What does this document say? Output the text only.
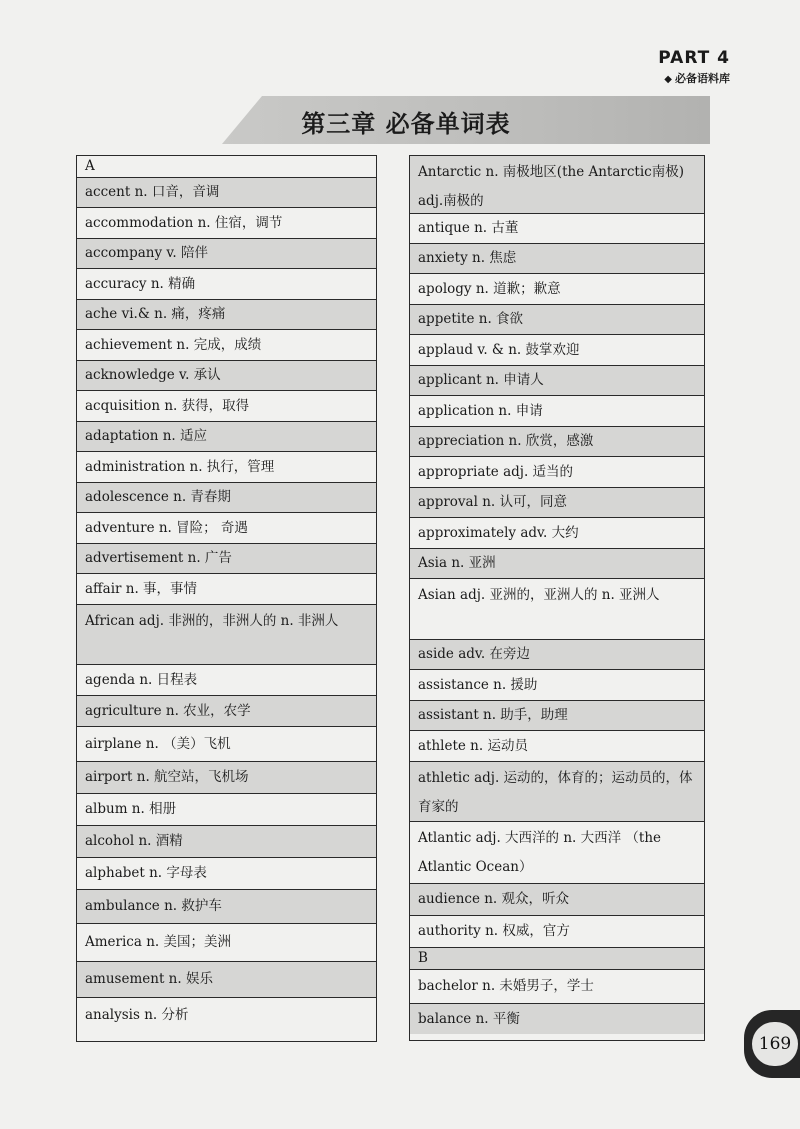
PART 4
◆ 必备语料库
第三章 必备单词表
A
accent n. 口音，音调
accommodation n. 住宿，调节
accompany v. 陪伴
accuracy n. 精确
ache vi.& n. 痛，疼痛
achievement n. 完成，成绩
acknowledge v. 承认
acquisition n. 获得，取得
adaptation n. 适应
administration n. 执行，管理
adolescence n. 青春期
adventure n. 冒险； 奇遇
advertisement n. 广告
affair n. 事，事情
African adj. 非洲的，非洲人的 n. 非洲人
agenda n. 日程表
agriculture n. 农业，农学
airplane n. （美）飞机
airport n. 航空站，飞机场
album n. 相册
alcohol n. 酒精
alphabet n. 字母表
ambulance n. 救护车
America n. 美国；美洲
amusement n. 娱乐
analysis n. 分析
Antarctic n. 南极地区(the Antarctic南极) adj.南极的
antique n. 古董
anxiety n. 焦虑
apology n. 道歉；歉意
appetite n. 食欲
applaud v. & n. 鼓掌欢迎
applicant n. 申请人
application n. 申请
appreciation n. 欣赏，感激
appropriate adj. 适当的
approval n. 认可，同意
approximately adv. 大约
Asia n. 亚洲
Asian adj. 亚洲的，亚洲人的 n. 亚洲人
aside adv. 在旁边
assistance n. 援助
assistant n. 助手，助理
athlete n. 运动员
athletic adj. 运动的，体育的；运动员的，体育家的
Atlantic adj. 大西洋的 n. 大西洋 （the Atlantic Ocean）
audience n. 观众，听众
authority n. 权威，官方
B
bachelor n. 未婚男子，学士
balance n. 平衡
169
